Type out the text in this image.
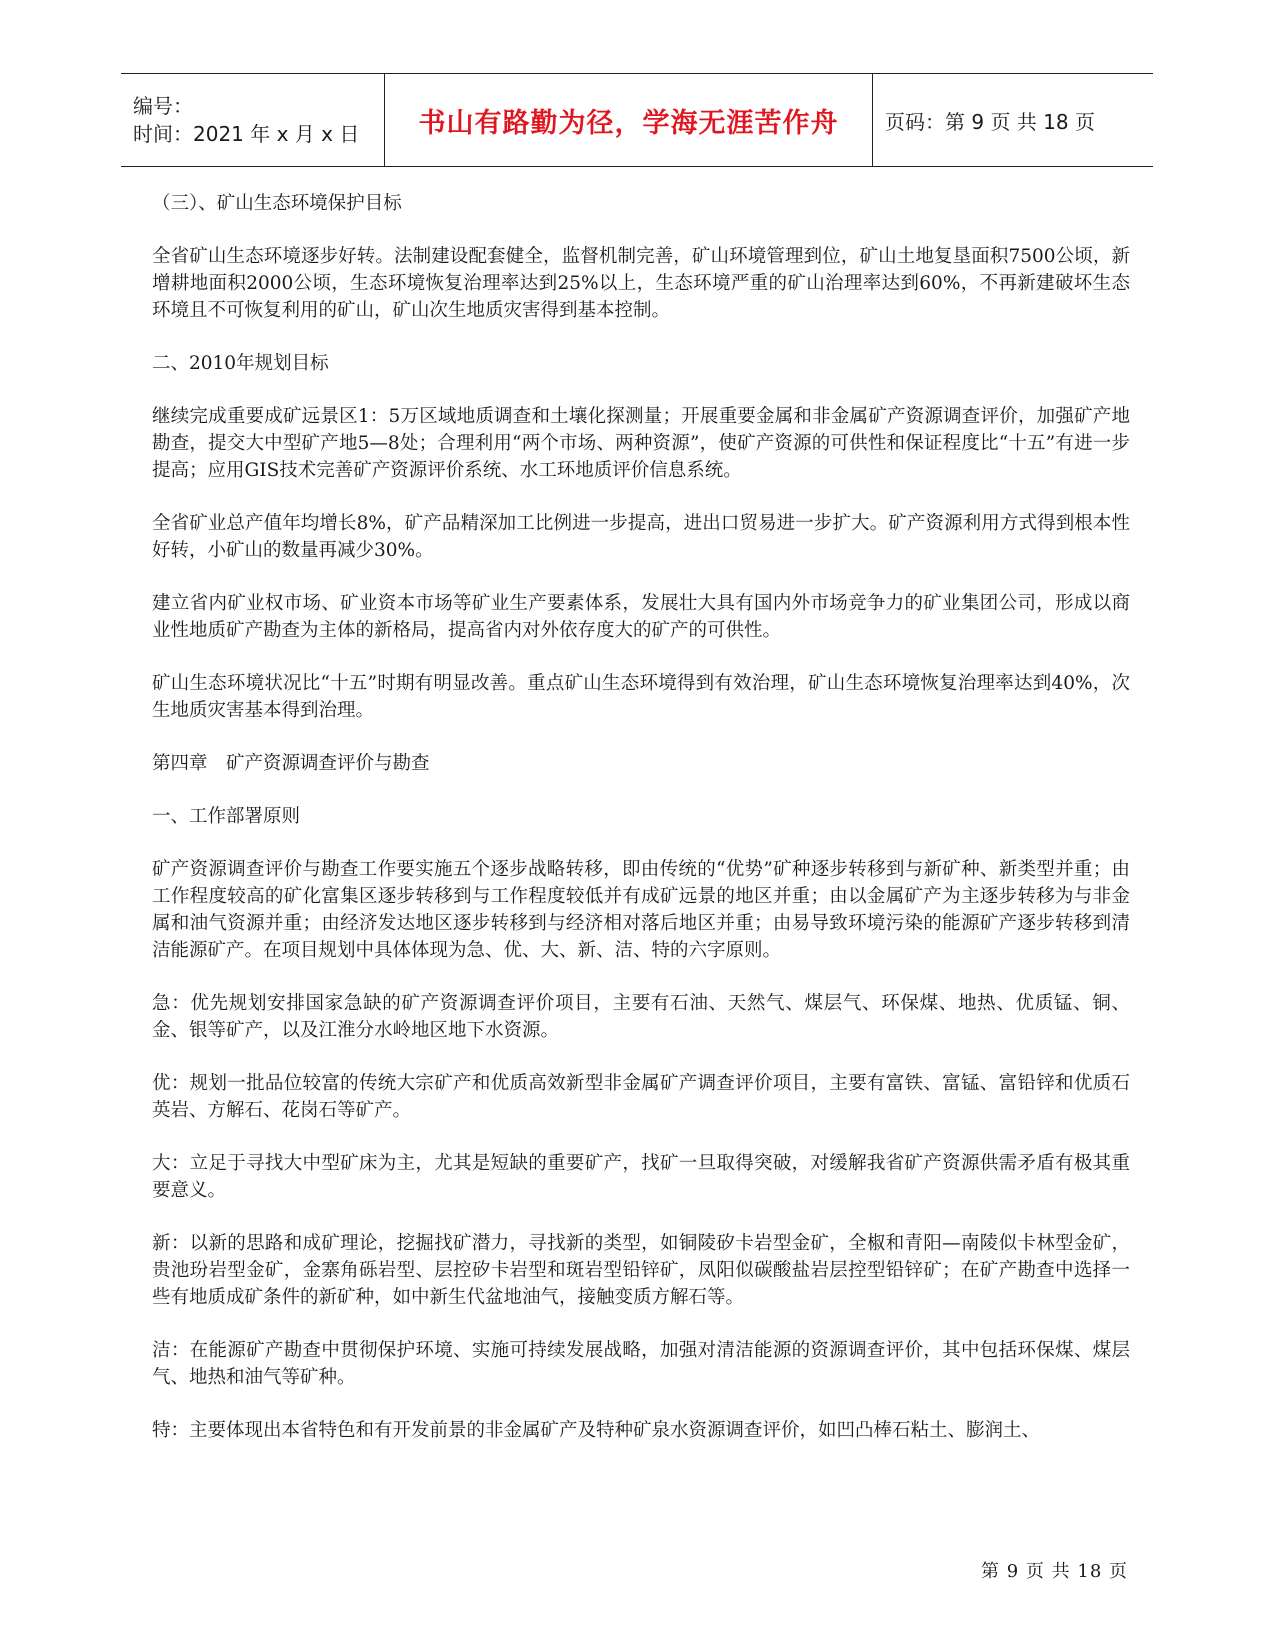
编号：
时间：2021 年 x 月 x 日	书山有路勤为径，学海无涯苦作舟 页码：第 9 页 共 18 页

（三）、矿山生态环境保护目标

全省矿山生态环境逐步好转。法制建设配套健全，监督机制完善，矿山环境管理到位，矿山土地复垦面积7500公顷，新增耕地面积2000公顷，生态环境恢复治理率达到25%以上，生态环境严重的矿山治理率达到60%，不再新建破坏生态环境且不可恢复利用的矿山，矿山次生地质灾害得到基本控制。

二、2010年规划目标

继续完成重要成矿远景区1：5万区域地质调查和土壤化探测量；开展重要金属和非金属矿产资源调查评价，加强矿产地勘查，提交大中型矿产地5—8处；合理利用“两个市场、两种资源”，使矿产资源的可供性和保证程度比“十五”有进一步提高；应用GIS技术完善矿产资源评价系统、水工环地质评价信息系统。

全省矿业总产值年均增长8%，矿产品精深加工比例进一步提高，进出口贸易进一步扩大。矿产资源利用方式得到根本性好转，小矿山的数量再减少30%。

建立省内矿业权市场、矿业资本市场等矿业生产要素体系，发展壮大具有国内外市场竞争力的矿业集团公司，形成以商业性地质矿产勘查为主体的新格局，提高省内对外依存度大的矿产的可供性。

矿山生态环境状况比“十五”时期有明显改善。重点矿山生态环境得到有效治理，矿山生态环境恢复治理率达到40%，次生地质灾害基本得到治理。

第四章　矿产资源调查评价与勘查

一、工作部署原则

矿产资源调查评价与勘查工作要实施五个逐步战略转移，即由传统的“优势”矿种逐步转移到与新矿种、新类型并重；由工作程度较高的矿化富集区逐步转移到与工作程度较低并有成矿远景的地区并重；由以金属矿产为主逐步转移为与非金属和油气资源并重；由经济发达地区逐步转移到与经济相对落后地区并重；由易导致环境污染的能源矿产逐步转移到清洁能源矿产。在项目规划中具体体现为急、优、大、新、洁、特的六字原则。

急：优先规划安排国家急缺的矿产资源调查评价项目，主要有石油、天然气、煤层气、环保煤、地热、优质锰、铜、金、银等矿产，以及江淮分水岭地区地下水资源。

优：规划一批品位较富的传统大宗矿产和优质高效新型非金属矿产调查评价项目，主要有富铁、富锰、富铅锌和优质石英岩、方解石、花岗石等矿产。

大：立足于寻找大中型矿床为主，尤其是短缺的重要矿产，找矿一旦取得突破，对缓解我省矿产资源供需矛盾有极其重要意义。

新：以新的思路和成矿理论，挖掘找矿潜力，寻找新的类型，如铜陵矽卡岩型金矿，全椒和青阳—南陵似卡林型金矿，贵池玢岩型金矿，金寨角砾岩型、层控矽卡岩型和斑岩型铅锌矿，凤阳似碳酸盐岩层控型铅锌矿；在矿产勘查中选择一些有地质成矿条件的新矿种，如中新生代盆地油气，接触变质方解石等。

洁：在能源矿产勘查中贯彻保护环境、实施可持续发展战略，加强对清洁能源的资源调查评价，其中包括环保煤、煤层气、地热和油气等矿种。

特：主要体现出本省特色和有开发前景的非金属矿产及特种矿泉水资源调查评价，如凹凸棒石粘土、膨润土、

第 9 页 共 18 页
